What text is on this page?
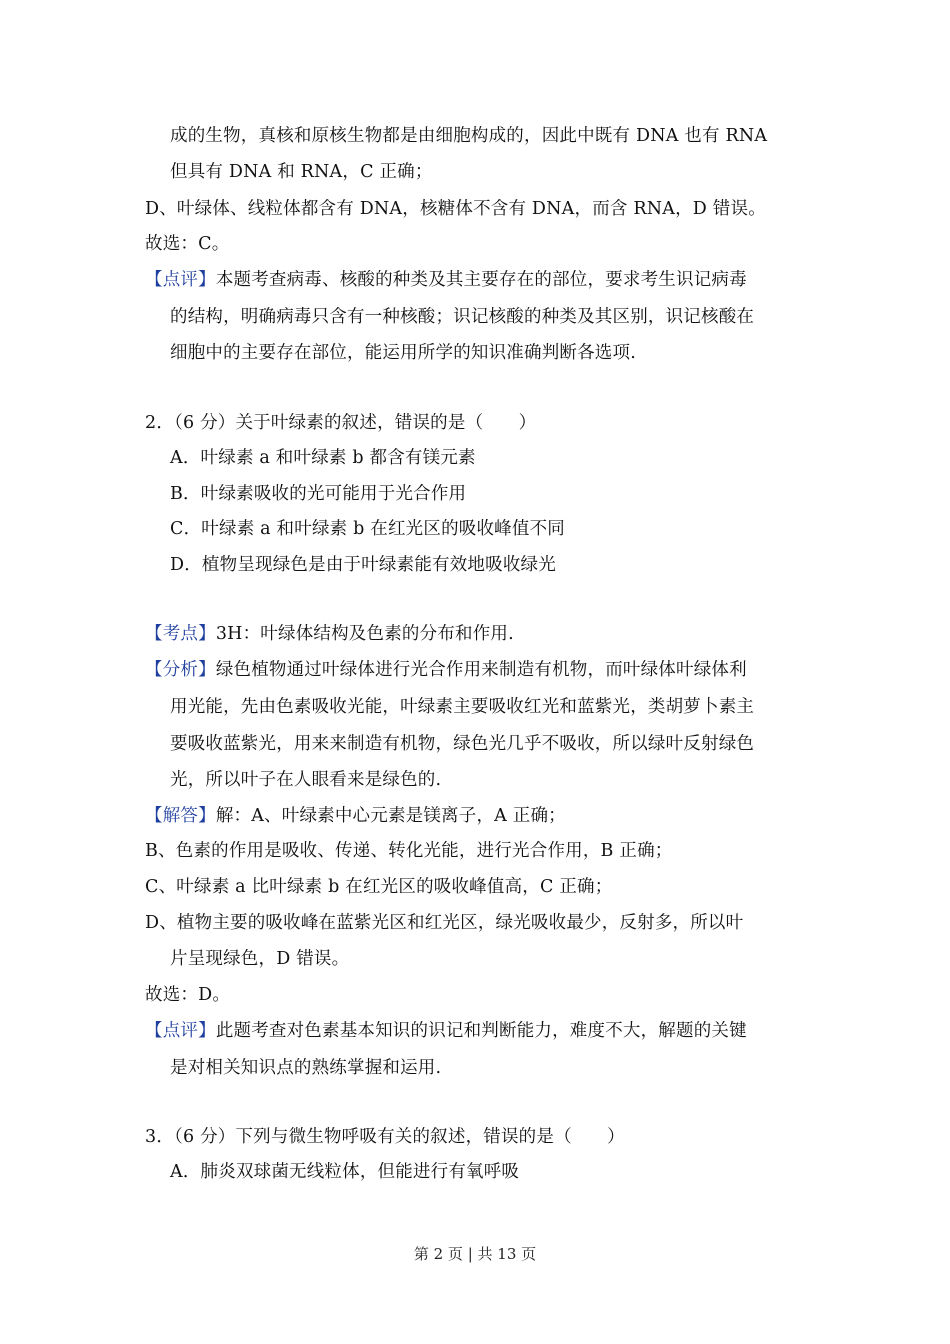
成的生物，真核和原核生物都是由细胞构成的，因此中既有 DNA 也有 RNA
但具有 DNA 和 RNA，C 正确；
D、叶绿体、线粒体都含有 DNA，核糖体不含有 DNA，而含 RNA，D 错误。
故选：C。
【点评】本题考查病毒、核酸的种类及其主要存在的部位，要求考生识记病毒
的结构，明确病毒只含有一种核酸；识记核酸的种类及其区别，识记核酸在
细胞中的主要存在部位，能运用所学的知识准确判断各选项.
2．（6 分）关于叶绿素的叙述，错误的是（　　）
A．叶绿素 a 和叶绿素 b 都含有镁元素
B．叶绿素吸收的光可能用于光合作用
C．叶绿素 a 和叶绿素 b 在红光区的吸收峰值不同
D．植物呈现绿色是由于叶绿素能有效地吸收绿光
【考点】3H：叶绿体结构及色素的分布和作用.
【分析】绿色植物通过叶绿体进行光合作用来制造有机物，而叶绿体叶绿体利
用光能，先由色素吸收光能，叶绿素主要吸收红光和蓝紫光，类胡萝卜素主
要吸收蓝紫光，用来来制造有机物，绿色光几乎不吸收，所以绿叶反射绿色
光，所以叶子在人眼看来是绿色的.
【解答】解：A、叶绿素中心元素是镁离子，A 正确；
B、色素的作用是吸收、传递、转化光能，进行光合作用，B 正确；
C、叶绿素 a 比叶绿素 b 在红光区的吸收峰值高，C 正确；
D、植物主要的吸收峰在蓝紫光区和红光区，绿光吸收最少，反射多，所以叶
片呈现绿色，D 错误。
故选：D。
【点评】此题考查对色素基本知识的识记和判断能力，难度不大，解题的关键
是对相关知识点的熟练掌握和运用.
3．（6 分）下列与微生物呼吸有关的叙述，错误的是（　　）
A．肺炎双球菌无线粒体，但能进行有氧呼吸
第 2 页 | 共 13 页
